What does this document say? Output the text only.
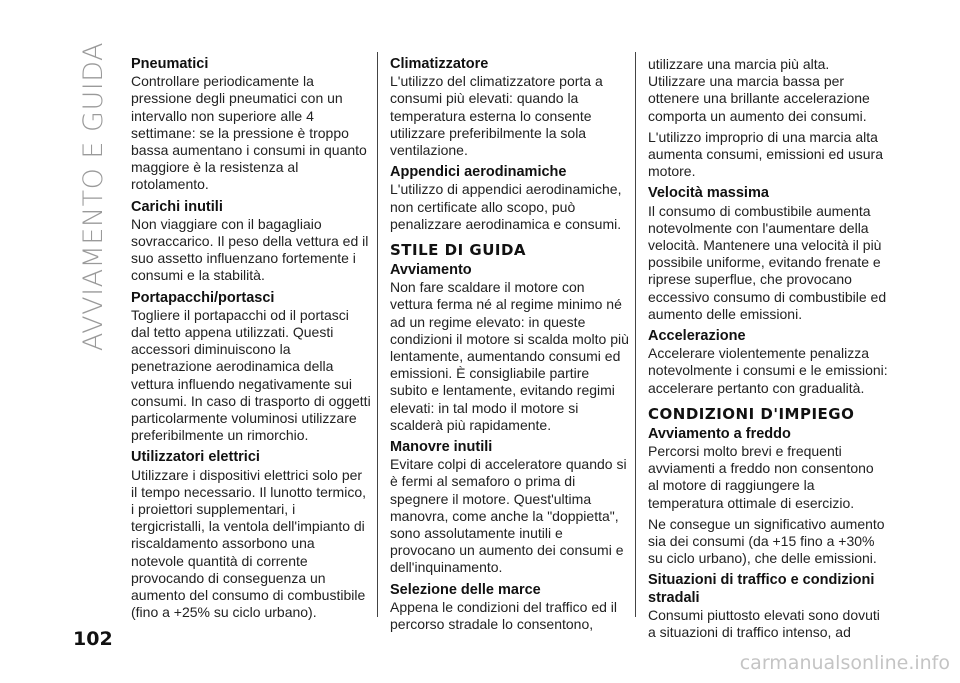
AVVIAMENTO E GUIDA
102
Pneumatici

Controllare periodicamente la pressione degli pneumatici con un intervallo non superiore alle 4 settimane: se la pressione è troppo bassa aumentano i consumi in quanto maggiore è la resistenza al rotolamento.

Carichi inutili

Non viaggiare con il bagagliaio sovraccarico. Il peso della vettura ed il suo assetto influenzano fortemente i consumi e la stabilità.

Portapacchi/portasci

Togliere il portapacchi od il portasci dal tetto appena utilizzati. Questi accessori diminuiscono la penetrazione aerodinamica della vettura influendo negativamente sui consumi. In caso di trasporto di oggetti particolarmente voluminosi utilizzare preferibilmente un rimorchio.

Utilizzatori elettrici

Utilizzare i dispositivi elettrici solo per il tempo necessario. Il lunotto termico, i proiettori supplementari, i tergicristalli, la ventola dell'impianto di riscaldamento assorbono una notevole quantità di corrente provocando di conseguenza un aumento del consumo di combustibile (fino a +25% su ciclo urbano).

Climatizzatore

L'utilizzo del climatizzatore porta a consumi più elevati: quando la temperatura esterna lo consente utilizzare preferibilmente la sola ventilazione.

Appendici aerodinamiche

L'utilizzo di appendici aerodinamiche, non certificate allo scopo, può penalizzare aerodinamica e consumi.

STILE DI GUIDA
Avviamento

Non fare scaldare il motore con vettura ferma né al regime minimo né ad un regime elevato: in queste condizioni il motore si scalda molto più lentamente, aumentando consumi ed emissioni. È consigliabile partire subito e lentamente, evitando regimi elevati: in tal modo il motore si scalderà più rapidamente.

Manovre inutili

Evitare colpi di acceleratore quando si è fermi al semaforo o prima di spegnere il motore. Quest'ultima manovra, come anche la "doppietta", sono assolutamente inutili e provocano un aumento dei consumi e dell'inquinamento.

Selezione delle marce

Appena le condizioni del traffico ed il percorso stradale lo consentono,

utilizzare una marcia più alta. Utilizzare una marcia bassa per ottenere una brillante accelerazione comporta un aumento dei consumi.

L'utilizzo improprio di una marcia alta aumenta consumi, emissioni ed usura motore.

Velocità massima

Il consumo di combustibile aumenta notevolmente con l'aumentare della velocità. Mantenere una velocità il più possibile uniforme, evitando frenate e riprese superflue, che provocano eccessivo consumo di combustibile ed aumento delle emissioni.

Accelerazione

Accelerare violentemente penalizza notevolmente i consumi e le emissioni: accelerare pertanto con gradualità.

CONDIZIONI D'IMPIEGO
Avviamento a freddo

Percorsi molto brevi e frequenti avviamenti a freddo non consentono al motore di raggiungere la temperatura ottimale di esercizio.

Ne consegue un significativo aumento sia dei consumi (da +15 fino a +30% su ciclo urbano), che delle emissioni.

Situazioni di traffico e condizioni stradali

Consumi piuttosto elevati sono dovuti a situazioni di traffico intenso, ad

carmanualsonline.info
